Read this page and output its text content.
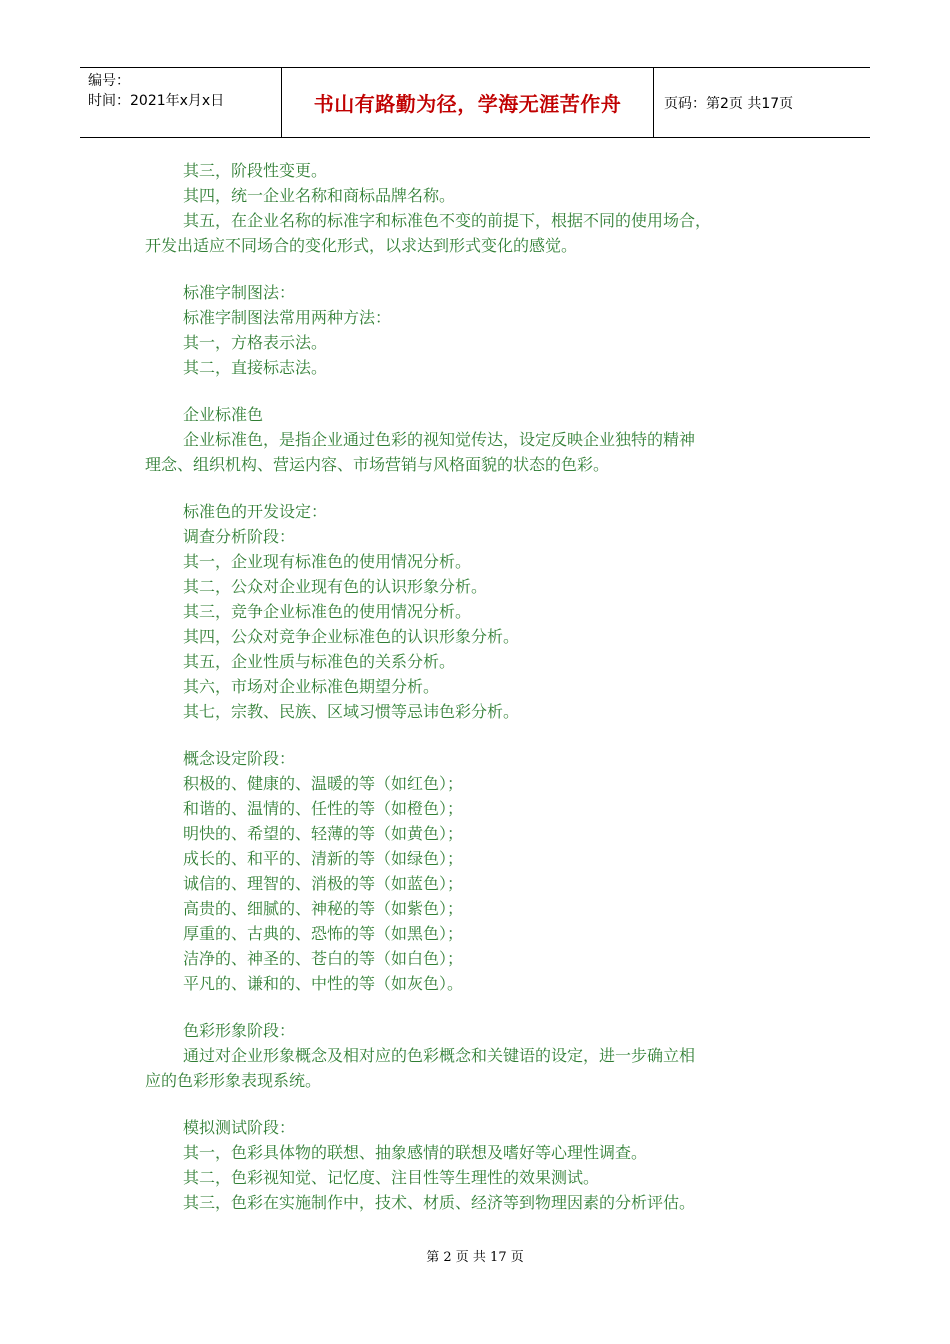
编号：
时间：2021年x月x日	书山有路勤为径，学海无涯苦作舟	页码：第2页 共17页

其三，阶段性变更。

其四，统一企业名称和商标品牌名称。

其五，在企业名称的标准字和标准色不变的前提下，根据不同的使用场合，

开发出适应不同场合的变化形式，以求达到形式变化的感觉。

标准字制图法：

标准字制图法常用两种方法：

其一，方格表示法。

其二，直接标志法。

企业标准色

企业标准色，是指企业通过色彩的视知觉传达，设定反映企业独特的精神

理念、组织机构、营运内容、市场营销与风格面貌的状态的色彩。

标准色的开发设定：

调查分析阶段：

其一，企业现有标准色的使用情况分析。

其二，公众对企业现有色的认识形象分析。

其三，竞争企业标准色的使用情况分析。

其四，公众对竞争企业标准色的认识形象分析。

其五，企业性质与标准色的关系分析。

其六，市场对企业标准色期望分析。

其七，宗教、民族、区域习惯等忌讳色彩分析。

概念设定阶段：

积极的、健康的、温暖的等（如红色）；

和谐的、温情的、任性的等（如橙色）；

明快的、希望的、轻薄的等（如黄色）；

成长的、和平的、清新的等（如绿色）；

诚信的、理智的、消极的等（如蓝色）；

高贵的、细腻的、神秘的等（如紫色）；

厚重的、古典的、恐怖的等（如黑色）；

洁净的、神圣的、苍白的等（如白色）；

平凡的、谦和的、中性的等（如灰色）。

色彩形象阶段：

通过对企业形象概念及相对应的色彩概念和关键语的设定，进一步确立相

应的色彩形象表现系统。

模拟测试阶段：

其一，色彩具体物的联想、抽象感情的联想及嗜好等心理性调查。

其二，色彩视知觉、记忆度、注目性等生理性的效果测试。

其三，色彩在实施制作中，技术、材质、经济等到物理因素的分析评估。

第 2 页 共 17 页
